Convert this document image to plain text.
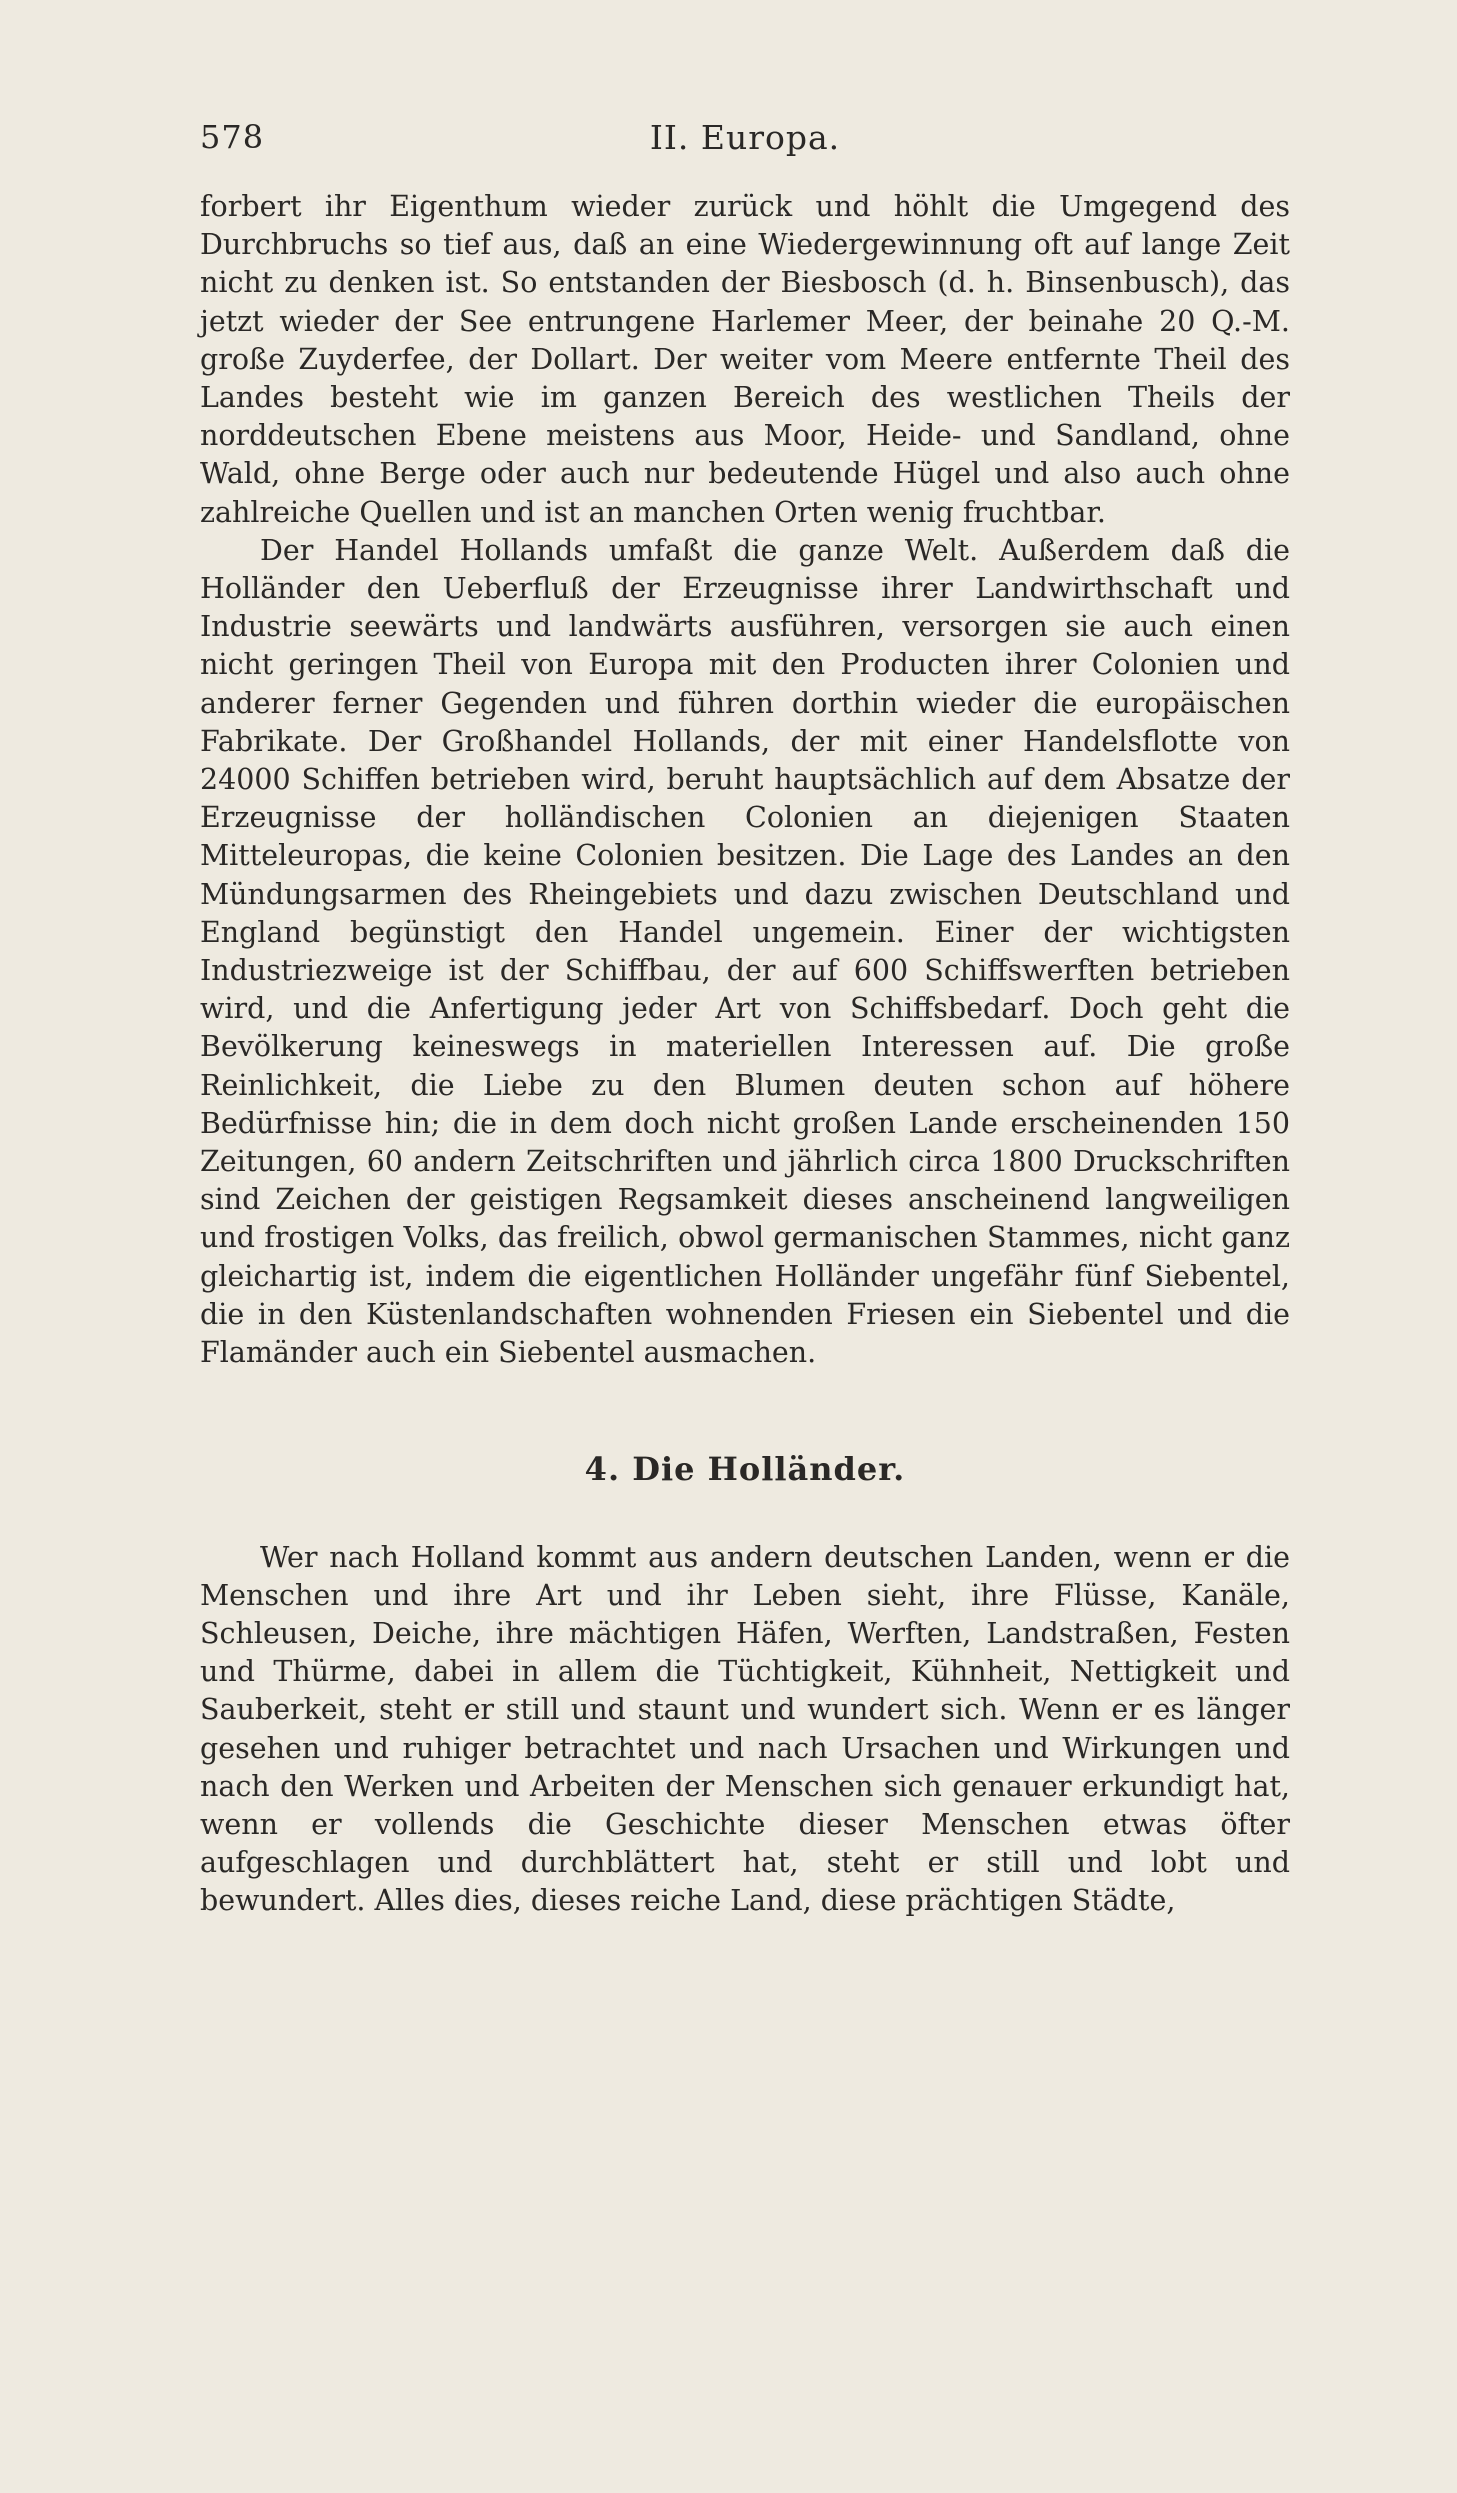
578	II. Europa.

forbert ihr Eigenthum wieder zurück und höhlt die Umgegend des Durchbruchs so tief aus, daß an eine Wiedergewinnung oft auf lange Zeit nicht zu denken ist. So entstanden der Biesbosch (d. h. Binsenbusch), das jetzt wieder der See entrungene Harlemer Meer, der beinahe 20 Q.-M. große Zuyderfee, der Dollart. Der weiter vom Meere entfernte Theil des Landes besteht wie im ganzen Bereich des westlichen Theils der norddeutschen Ebene meistens aus Moor, Heide- und Sandland, ohne Wald, ohne Berge oder auch nur bedeutende Hügel und also auch ohne zahlreiche Quellen und ist an manchen Orten wenig fruchtbar.

Der Handel Hollands umfaßt die ganze Welt. Außerdem daß die Holländer den Ueberfluß der Erzeugnisse ihrer Landwirthschaft und Industrie seewärts und landwärts ausführen, versorgen sie auch einen nicht geringen Theil von Europa mit den Producten ihrer Colonien und anderer ferner Gegenden und führen dorthin wieder die europäischen Fabrikate. Der Großhandel Hollands, der mit einer Handelsflotte von 24000 Schiffen betrieben wird, beruht hauptsächlich auf dem Absatze der Erzeugnisse der holländischen Colonien an diejenigen Staaten Mitteleuropas, die keine Colonien besitzen. Die Lage des Landes an den Mündungsarmen des Rheingebiets und dazu zwischen Deutschland und England begünstigt den Handel ungemein. Einer der wichtigsten Industriezweige ist der Schiffbau, der auf 600 Schiffswerften betrieben wird, und die Anfertigung jeder Art von Schiffsbedarf. Doch geht die Bevölkerung keineswegs in materiellen Interessen auf. Die große Reinlichkeit, die Liebe zu den Blumen deuten schon auf höhere Bedürfnisse hin; die in dem doch nicht großen Lande erscheinenden 150 Zeitungen, 60 andern Zeitschriften und jährlich circa 1800 Druckschriften sind Zeichen der geistigen Regsamkeit dieses anscheinend langweiligen und frostigen Volks, das freilich, obwol germanischen Stammes, nicht ganz gleichartig ist, indem die eigentlichen Holländer ungefähr fünf Siebentel, die in den Küstenlandschaften wohnenden Friesen ein Siebentel und die Flamänder auch ein Siebentel ausmachen.

4. Die Holländer.

Wer nach Holland kommt aus andern deutschen Landen, wenn er die Menschen und ihre Art und ihr Leben sieht, ihre Flüsse, Kanäle, Schleusen, Deiche, ihre mächtigen Häfen, Werften, Landstraßen, Festen und Thürme, dabei in allem die Tüchtigkeit, Kühnheit, Nettigkeit und Sauberkeit, steht er still und staunt und wundert sich. Wenn er es länger gesehen und ruhiger betrachtet und nach Ursachen und Wirkungen und nach den Werken und Arbeiten der Menschen sich genauer erkundigt hat, wenn er vollends die Geschichte dieser Menschen etwas öfter aufgeschlagen und durchblättert hat, steht er still und lobt und bewundert. Alles dies, dieses reiche Land, diese prächtigen Städte,
